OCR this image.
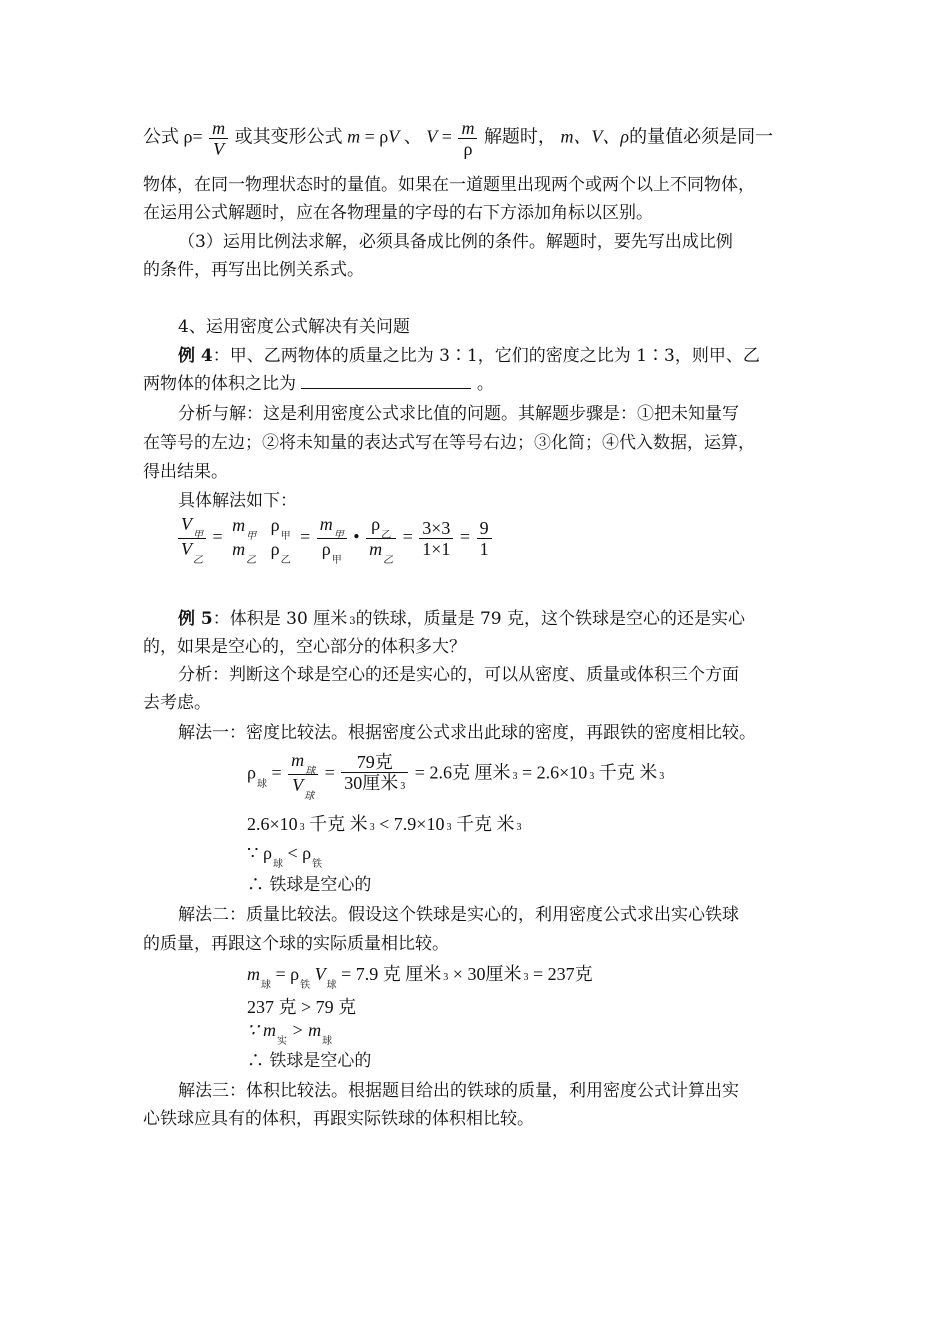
公式 $\rho= \frac{m}{V}$ 或其变形公式 m = ρV 、 $V = \frac{m}{\rho}$ 解题时， m、V、ρ的量值必须是同一
物体，在同一物理状态时的量值。如果在一道题里出现两个或两个以上不同物体，
在运用公式解题时，应在各物理量的字母的右下方添加角标以区别。
（3）运用比例法求解，必须具备成比例的条件。解题时，要先写出成比例
的条件，再写出比例关系式。
4、运用密度公式解决有关问题
例 4：甲、乙两物体的质量之比为 3∶1，它们的密度之比为 1∶3，则甲、乙
两物体的体积之比为	。
分析与解：这是利用密度公式求比值的问题。其解题步骤是：①把未知量写
在等号的左边；②将未知量的表达式写在等号右边；③化简；④代入数据，运算，
得出结果。
具体解法如下：
$\frac{V_甲}{V_乙}$ =
$m_甲$
$m_乙$

$\rho_甲$
$\rho_乙$
= $\frac{m_甲}{\rho_甲}$ • $\frac{\rho_乙}{m_乙} = \frac{3\times 3}{1\times 1} = \frac{9}{1}$
例 5：体积是 30 厘米 3的铁球，质量是 79 克，这个铁球是空心的还是实心
的，如果是空心的，空心部分的体积多大？
分析：判断这个球是空心的还是实心的，可以从密度、质量或体积三个方面
去考虑。
解法一：密度比较法。根据密度公式求出此球的密度，再跟铁的密度相比较。
$\rho_球 = \frac{m_球}{V_球} = \frac{\text{79克}}{\text{30厘米 3}} = 2.6$克 厘米 3 = 2.6×10 3 千克 米 3
2.6×10 3 千克 米 3 < 7.9×10 3 千克 米 3
∵ $\rho_球 < \rho_铁$
∴ 铁球是空心的
解法二：质量比较法。假设这个铁球是实心的，利用密度公式求出实心铁球
的质量，再跟这个球的实际质量相比较。
$m_球 = \rho_铁$ $V_球 = 7.9$ 克 厘米 3 × 30厘米 3 = 237克
237 克 > 79 克
∵ $m_实 > m_球$
∴ 铁球是空心的
解法三：体积比较法。根据题目给出的铁球的质量，利用密度公式计算出实
心铁球应具有的体积，再跟实际铁球的体积相比较。
